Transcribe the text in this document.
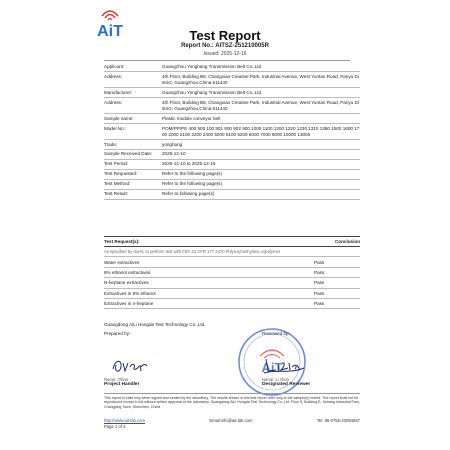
AiT	Test Report
Report No.: AITSZ-251210005R
Issued: 2025-12-16
Applicant:	Guangzhou Yonghang Transmission Belt Co.,Ltd
Address:	4th Floor, Building B8, Changxiao Creative Park, Industrial Avenue, West Yuntan Road, Panyu District, Guangzhou,China 511440
Manufacturer:	Guangzhou Yonghang Transmission Belt Co.,Ltd
Address:	4th Floor, Building B8, Changxiao Creative Park, Industrial Avenue, West Yuntan Road, Panyu District, Guangzhou,China 511440
Sample name:	Plastic module conveyor belt
Model No.:	POM/PP/PE 400 500 100 501 800 902 900 1000 1100 1200 1220 1230 1310 1360 1500 1600 1700 2000 2100 2200 2400 5000 5100 5200 6000 7000 8000 10000 13000
Trade:	yonghang
Sample Received Date:	2025-12-10
Test Period:	2025-12-10 to 2025-12-16
Test Requested:	Refer to the following page(s)
Test Method:	Refer to the following page(s)
Test Result:	Refer to following page(s)
Test Request(s):	Conclusion
As specified by client, to perform test with FDA 21 CFR 177.2470 Polyoxymethylene copolymer
Water extractives	Pass
8% ethanol extractives	Pass
N-heptane extractives	Pass
Extractives in 8% ethanol	Pass
Extractives in n-heptane	Pass
Guangdong AiLi Hongda Test Technology Co.,Ltd.
Prepared by:	Reviewed by:
AiT
Name: Oliver
Project Handler
Name: Li zhen
Designated Reviewer
This report is valid only when signed and sealed by the laboratory. The results shown in this test report refer only to the sample(s) tested. The report shall not be reproduced except in full without written approval of the laboratory. Guangdong AiLi Hongda Test Technology Co.,Ltd. Floor 5, Building E, Jiehang Industrial Park, Changping Town, Shenzhen, China
http://www.ait-lab.com	Email:info@ait-lab.com	Tel: 86-0755-23094567
Page 1 of 4
